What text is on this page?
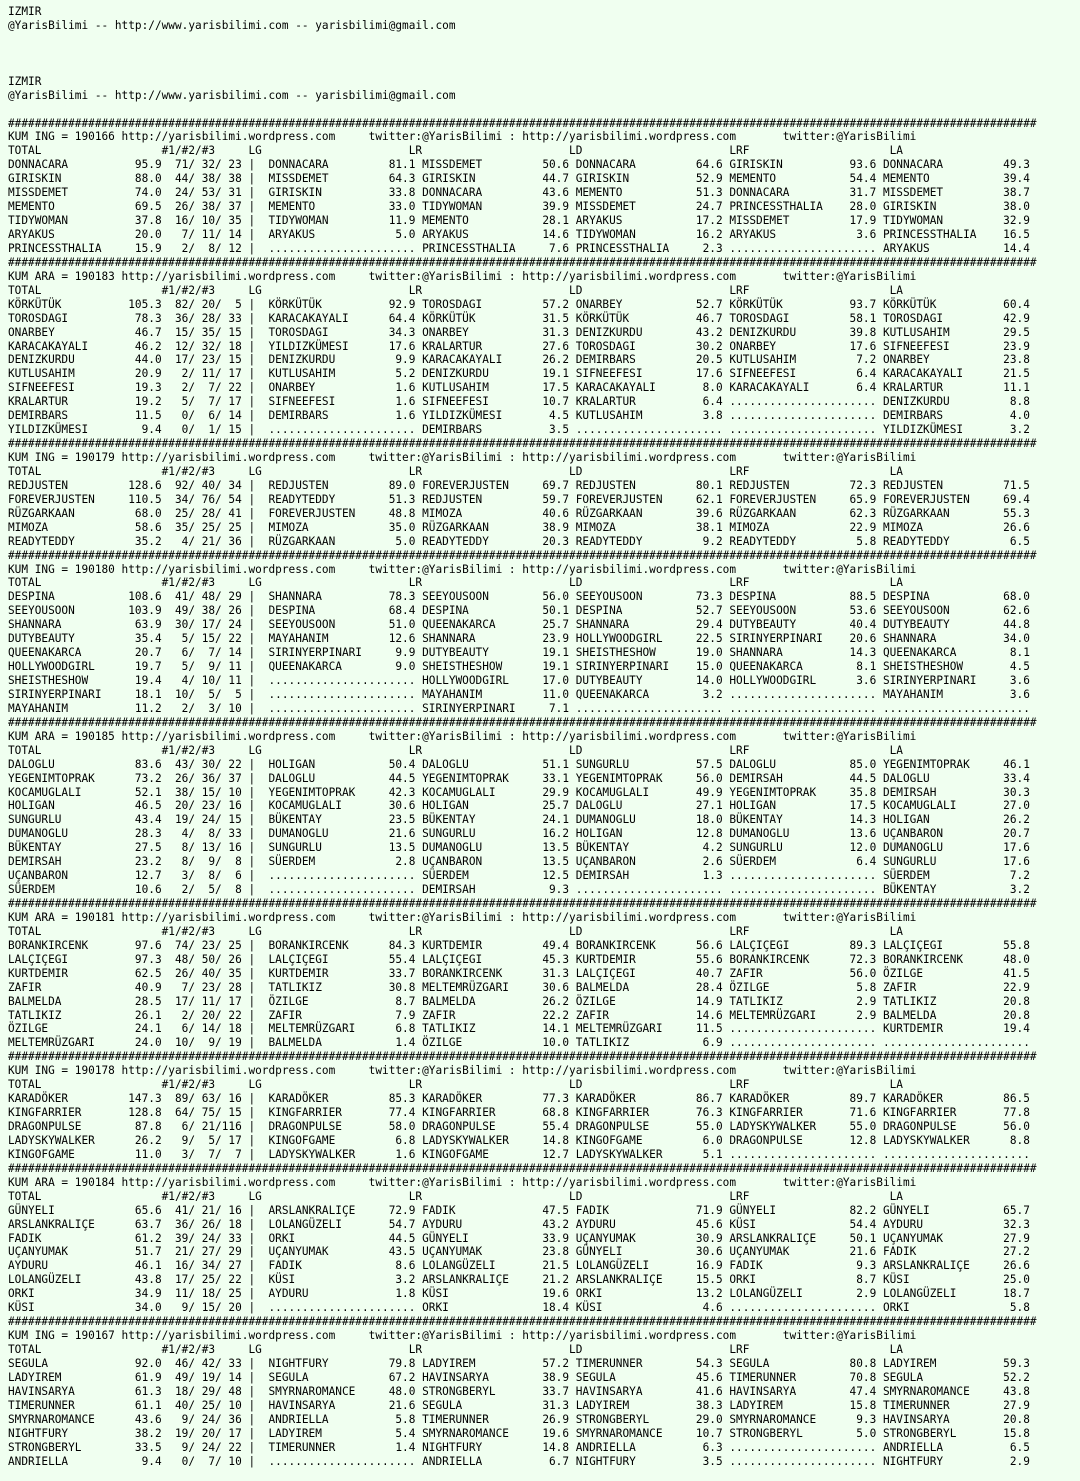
IZMIR
@YarisBilimi -- http://www.yarisbilimi.com -- yarisbilimi@gmail.com
IZMIR
@YarisBilimi -- http://www.yarisbilimi.com -- yarisbilimi@gmail.com
##########################################################################################################################################################
KUM ING = 190166 http://yarisbilimi.wordpress.com     twitter:@YarisBilimi : http://yarisbilimi.wordpress.com       twitter:@YarisBilimi
TOTAL                  #1/#2/#3     LG                      LR                      LD                      LRF                     LA
DONNACARA          95.9  71/ 32/ 23 |  DONNACARA         81.1 MISSDEMET         50.6 DONNACARA         64.6 GIRISKIN          93.6 DONNACARA         49.3
GIRISKIN           88.0  44/ 38/ 38 |  MISSDEMET         64.3 GIRISKIN          44.7 GIRISKIN          52.9 MEMENTO           54.4 MEMENTO           39.4
MISSDEMET          74.0  24/ 53/ 31 |  GIRISKIN          33.8 DONNACARA         43.6 MEMENTO           51.3 DONNACARA         31.7 MISSDEMET         38.7
MEMENTO            69.5  26/ 38/ 37 |  MEMENTO           33.0 TIDYWOMAN         39.9 MISSDEMET         24.7 PRINCESSTHALIA    28.0 GIRISKIN          38.0
TIDYWOMAN          37.8  16/ 10/ 35 |  TIDYWOMAN         11.9 MEMENTO           28.1 ARYAKUS           17.2 MISSDEMET         17.9 TIDYWOMAN         32.9
ARYAKUS            20.0   7/ 11/ 14 |  ARYAKUS            5.0 ARYAKUS           14.6 TIDYWOMAN         16.2 ARYAKUS            3.6 PRINCESSTHALIA    16.5
PRINCESSTHALIA     15.9   2/  8/ 12 |  ...................... PRINCESSTHALIA     7.6 PRINCESSTHALIA     2.3 ...................... ARYAKUS           14.4
##########################################################################################################################################################
KUM ARA = 190183 http://yarisbilimi.wordpress.com     twitter:@YarisBilimi : http://yarisbilimi.wordpress.com       twitter:@YarisBilimi
TOTAL                  #1/#2/#3     LG                      LR                      LD                      LRF                     LA
KÖRKÜTÜK          105.3  82/ 20/  5 |  KÖRKÜTÜK          92.9 TOROSDAGI         57.2 ONARBEY           52.7 KÖRKÜTÜK          93.7 KÖRKÜTÜK          60.4
TOROSDAGI          78.3  36/ 28/ 33 |  KARACAKAYALI      64.4 KÖRKÜTÜK          31.5 KÖRKÜTÜK          46.7 TOROSDAGI         58.1 TOROSDAGI         42.9
ONARBEY            46.7  15/ 35/ 15 |  TOROSDAGI         34.3 ONARBEY           31.3 DENIZKURDU        43.2 DENIZKURDU        39.8 KUTLUSAHIM        29.5
KARACAKAYALI       46.2  12/ 32/ 18 |  YILDIZKÜMESI      17.6 KRALARTUR         27.6 TOROSDAGI         30.2 ONARBEY           17.6 SIFNEEFESI        23.9
DENIZKURDU         44.0  17/ 23/ 15 |  DENIZKURDU         9.9 KARACAKAYALI      26.2 DEMIRBARS         20.5 KUTLUSAHIM         7.2 ONARBEY           23.8
KUTLUSAHIM         20.9   2/ 11/ 17 |  KUTLUSAHIM         5.2 DENIZKURDU        19.1 SIFNEEFESI        17.6 SIFNEEFESI         6.4 KARACAKAYALI      21.5
SIFNEEFESI         19.3   2/  7/ 22 |  ONARBEY            1.6 KUTLUSAHIM        17.5 KARACAKAYALI       8.0 KARACAKAYALI       6.4 KRALARTUR         11.1
KRALARTUR          19.2   5/  7/ 17 |  SIFNEEFESI         1.6 SIFNEEFESI        10.7 KRALARTUR          6.4 ...................... DENIZKURDU         8.8
DEMIRBARS          11.5   0/  6/ 14 |  DEMIRBARS          1.6 YILDIZKÜMESI       4.5 KUTLUSAHIM         3.8 ...................... DEMIRBARS          4.0
YILDIZKÜMESI        9.4   0/  1/ 15 |  ...................... DEMIRBARS          3.5 ...................... ...................... YILDIZKÜMESI       3.2
##########################################################################################################################################################
KUM ING = 190179 http://yarisbilimi.wordpress.com     twitter:@YarisBilimi : http://yarisbilimi.wordpress.com       twitter:@YarisBilimi
TOTAL                  #1/#2/#3     LG                      LR                      LD                      LRF                     LA
REDJUSTEN         128.6  92/ 40/ 34 |  REDJUSTEN         89.0 FOREVERJUSTEN     69.7 REDJUSTEN         80.1 REDJUSTEN         72.3 REDJUSTEN         71.5
FOREVERJUSTEN     110.5  34/ 76/ 54 |  READYTEDDY        51.3 REDJUSTEN         59.7 FOREVERJUSTEN     62.1 FOREVERJUSTEN     65.9 FOREVERJUSTEN     69.4
RÜZGARKAAN         68.0  25/ 28/ 41 |  FOREVERJUSTEN     48.8 MIMOZA            40.6 RÜZGARKAAN        39.6 RÜZGARKAAN        62.3 RÜZGARKAAN        55.3
MIMOZA             58.6  35/ 25/ 25 |  MIMOZA            35.0 RÜZGARKAAN        38.9 MIMOZA            38.1 MIMOZA            22.9 MIMOZA            26.6
READYTEDDY         35.2   4/ 21/ 36 |  RÜZGARKAAN         5.0 READYTEDDY        20.3 READYTEDDY         9.2 READYTEDDY         5.8 READYTEDDY         6.5
##########################################################################################################################################################
KUM ING = 190180 http://yarisbilimi.wordpress.com     twitter:@YarisBilimi : http://yarisbilimi.wordpress.com       twitter:@YarisBilimi
TOTAL                  #1/#2/#3     LG                      LR                      LD                      LRF                     LA
DESPINA           108.6  41/ 48/ 29 |  SHANNARA          78.3 SEEYOUSOON        56.0 SEEYOUSOON        73.3 DESPINA           88.5 DESPINA           68.0
SEEYOUSOON        103.9  49/ 38/ 26 |  DESPINA           68.4 DESPINA           50.1 DESPINA           52.7 SEEYOUSOON        53.6 SEEYOUSOON        62.6
SHANNARA           63.9  30/ 17/ 24 |  SEEYOUSOON        51.0 QUEENAKARCA       25.7 SHANNARA          29.4 DUTYBEAUTY        40.4 DUTYBEAUTY        44.8
DUTYBEAUTY         35.4   5/ 15/ 22 |  MAYAHANIM         12.6 SHANNARA          23.9 HOLLYWOODGIRL     22.5 SIRINYERPINARI    20.6 SHANNARA          34.0
QUEENAKARCA        20.7   6/  7/ 14 |  SIRINYERPINARI     9.9 DUTYBEAUTY        19.1 SHEISTHESHOW      19.0 SHANNARA          14.3 QUEENAKARCA        8.1
HOLLYWOODGIRL      19.7   5/  9/ 11 |  QUEENAKARCA        9.0 SHEISTHESHOW      19.1 SIRINYERPINARI    15.0 QUEENAKARCA        8.1 SHEISTHESHOW       4.5
SHEISTHESHOW       19.4   4/ 10/ 11 |  ...................... HOLLYWOODGIRL     17.0 DUTYBEAUTY        14.0 HOLLYWOODGIRL      3.6 SIRINYERPINARI     3.6
SIRINYERPINARI     18.1  10/  5/  5 |  ...................... MAYAHANIM         11.0 QUEENAKARCA        3.2 ...................... MAYAHANIM          3.6
MAYAHANIM          11.2   2/  3/ 10 |  ...................... SIRINYERPINARI     7.1 ...................... ...................... ......................
##########################################################################################################################################################
KUM ARA = 190185 http://yarisbilimi.wordpress.com     twitter:@YarisBilimi : http://yarisbilimi.wordpress.com       twitter:@YarisBilimi
TOTAL                  #1/#2/#3     LG                      LR                      LD                      LRF                     LA
DALOGLU            83.6  43/ 30/ 22 |  HOLIGAN           50.4 DALOGLU           51.1 SUNGURLU          57.5 DALOGLU           85.0 YEGENIMTOPRAK     46.1
YEGENIMTOPRAK      73.2  26/ 36/ 37 |  DALOGLU           44.5 YEGENIMTOPRAK     33.1 YEGENIMTOPRAK     56.0 DEMIRSAH          44.5 DALOGLU           33.4
KOCAMUGLALI        52.1  38/ 15/ 10 |  YEGENIMTOPRAK     42.3 KOCAMUGLALI       29.9 KOCAMUGLALI       49.9 YEGENIMTOPRAK     35.8 DEMIRSAH          30.3
HOLIGAN            46.5  20/ 23/ 16 |  KOCAMUGLALI       30.6 HOLIGAN           25.7 DALOGLU           27.1 HOLIGAN           17.5 KOCAMUGLALI       27.0
SUNGURLU           43.4  19/ 24/ 15 |  BÜKENTAY          23.5 BÜKENTAY          24.1 DUMANOGLU         18.0 BÜKENTAY          14.3 HOLIGAN           26.2
DUMANOGLU          28.3   4/  8/ 33 |  DUMANOGLU         21.6 SUNGURLU          16.2 HOLIGAN           12.8 DUMANOGLU         13.6 UÇANBARON         20.7
BÜKENTAY           27.5   8/ 13/ 16 |  SUNGURLU          13.5 DUMANOGLU         13.5 BÜKENTAY           4.2 SUNGURLU          12.0 DUMANOGLU         17.6
DEMIRSAH           23.2   8/  9/  8 |  SÜERDEM            2.8 UÇANBARON         13.5 UÇANBARON          2.6 SÜERDEM            6.4 SUNGURLU          17.6
UÇANBARON          12.7   3/  8/  6 |  ...................... SÜERDEM           12.5 DEMIRSAH           1.3 ...................... SÜERDEM            7.2
SÜERDEM            10.6   2/  5/  8 |  ...................... DEMIRSAH           9.3 ...................... ...................... BÜKENTAY           3.2
##########################################################################################################################################################
KUM ARA = 190181 http://yarisbilimi.wordpress.com     twitter:@YarisBilimi : http://yarisbilimi.wordpress.com       twitter:@YarisBilimi
TOTAL                  #1/#2/#3     LG                      LR                      LD                      LRF                     LA
BORANKIRCENK       97.6  74/ 23/ 25 |  BORANKIRCENK      84.3 KURTDEMIR         49.4 BORANKIRCENK      56.6 LALÇIÇEGI         89.3 LALÇIÇEGI         55.8
LALÇIÇEGI          97.3  48/ 50/ 26 |  LALÇIÇEGI         55.4 LALÇIÇEGI         45.3 KURTDEMIR         55.6 BORANKIRCENK      72.3 BORANKIRCENK      48.0
KURTDEMIR          62.5  26/ 40/ 35 |  KURTDEMIR         33.7 BORANKIRCENK      31.3 LALÇIÇEGI         40.7 ZAFIR             56.0 ÖZILGE            41.5
ZAFIR              40.9   7/ 23/ 28 |  TATLIKIZ          30.8 MELTEMRÜZGARI     30.6 BALMELDA          28.4 ÖZILGE             5.8 ZAFIR             22.9
BALMELDA           28.5  17/ 11/ 17 |  ÖZILGE             8.7 BALMELDA          26.2 ÖZILGE            14.9 TATLIKIZ           2.9 TATLIKIZ          20.8
TATLIKIZ           26.1   2/ 20/ 22 |  ZAFIR              7.9 ZAFIR             22.2 ZAFIR             14.6 MELTEMRÜZGARI      2.9 BALMELDA          20.8
ÖZILGE             24.1   6/ 14/ 18 |  MELTEMRÜZGARI      6.8 TATLIKIZ          14.1 MELTEMRÜZGARI     11.5 ...................... KURTDEMIR         19.4
MELTEMRÜZGARI      24.0  10/  9/ 19 |  BALMELDA           1.4 ÖZILGE            10.0 TATLIKIZ           6.9 ...................... ......................
##########################################################################################################################################################
KUM ING = 190178 http://yarisbilimi.wordpress.com     twitter:@YarisBilimi : http://yarisbilimi.wordpress.com       twitter:@YarisBilimi
TOTAL                  #1/#2/#3     LG                      LR                      LD                      LRF                     LA
KARADÖKER         147.3  89/ 63/ 16 |  KARADÖKER         85.3 KARADÖKER         77.3 KARADÖKER         86.7 KARADÖKER         89.7 KARADÖKER         86.5
KINGFARRIER       128.8  64/ 75/ 15 |  KINGFARRIER       77.4 KINGFARRIER       68.8 KINGFARRIER       76.3 KINGFARRIER       71.6 KINGFARRIER       77.8
DRAGONPULSE        87.8   6/ 21/116 |  DRAGONPULSE       58.0 DRAGONPULSE       55.4 DRAGONPULSE       55.0 LADYSKYWALKER     55.0 DRAGONPULSE       56.0
LADYSKYWALKER      26.2   9/  5/ 17 |  KINGOFGAME         6.8 LADYSKYWALKER     14.8 KINGOFGAME         6.0 DRAGONPULSE       12.8 LADYSKYWALKER      8.8
KINGOFGAME         11.0   3/  7/  7 |  LADYSKYWALKER      1.6 KINGOFGAME        12.7 LADYSKYWALKER      5.1 ...................... ......................
##########################################################################################################################################################
KUM ARA = 190184 http://yarisbilimi.wordpress.com     twitter:@YarisBilimi : http://yarisbilimi.wordpress.com       twitter:@YarisBilimi
TOTAL                  #1/#2/#3     LG                      LR                      LD                      LRF                     LA
GÜNYELI            65.6  41/ 21/ 16 |  ARSLANKRALIÇE     72.9 FADIK             47.5 FADIK             71.9 GÜNYELI           82.2 GÜNYELI           65.7
ARSLANKRALIÇE      63.7  36/ 26/ 18 |  LOLANGÜZELI       54.7 AYDURU            43.2 AYDURU            45.6 KÜSI              54.4 AYDURU            32.3
FADIK              61.2  39/ 24/ 33 |  ORKI              44.5 GÜNYELI           33.9 UÇANYUMAK         30.9 ARSLANKRALIÇE     50.1 UÇANYUMAK         27.9
UÇANYUMAK          51.7  21/ 27/ 29 |  UÇANYUMAK         43.5 UÇANYUMAK         23.8 GÜNYELI           30.6 UÇANYUMAK         21.6 FADIK             27.2
AYDURU             46.1  16/ 34/ 27 |  FADIK              8.6 LOLANGÜZELI       21.5 LOLANGÜZELI       16.9 FADIK              9.3 ARSLANKRALIÇE     26.6
LOLANGÜZELI        43.8  17/ 25/ 22 |  KÜSI               3.2 ARSLANKRALIÇE     21.2 ARSLANKRALIÇE     15.5 ORKI               8.7 KÜSI              25.0
ORKI               34.9  11/ 18/ 25 |  AYDURU             1.8 KÜSI              19.6 ORKI              13.2 LOLANGÜZELI        2.9 LOLANGÜZELI       18.7
KÜSI               34.0   9/ 15/ 20 |  ...................... ORKI              18.4 KÜSI               4.6 ...................... ORKI               5.8
##########################################################################################################################################################
KUM ING = 190167 http://yarisbilimi.wordpress.com     twitter:@YarisBilimi : http://yarisbilimi.wordpress.com       twitter:@YarisBilimi
TOTAL                  #1/#2/#3     LG                      LR                      LD                      LRF                     LA
SEGULA             92.0  46/ 42/ 33 |  NIGHTFURY         79.8 LADYIREM          57.2 TIMERUNNER        54.3 SEGULA            80.8 LADYIREM          59.3
LADYIREM           61.9  49/ 19/ 14 |  SEGULA            67.2 HAVINSARYA        38.9 SEGULA            45.6 TIMERUNNER        70.8 SEGULA            52.2
HAVINSARYA         61.3  18/ 29/ 48 |  SMYRNAROMANCE     48.0 STRONGBERYL       33.7 HAVINSARYA        41.6 HAVINSARYA        47.4 SMYRNAROMANCE     43.8
TIMERUNNER         61.1  40/ 25/ 10 |  HAVINSARYA        21.6 SEGULA            31.3 LADYIREM          38.3 LADYIREM          15.8 TIMERUNNER        27.9
SMYRNAROMANCE      43.6   9/ 24/ 36 |  ANDRIELLA          5.8 TIMERUNNER        26.9 STRONGBERYL       29.0 SMYRNAROMANCE      9.3 HAVINSARYA        20.8
NIGHTFURY          38.2  19/ 20/ 17 |  LADYIREM           5.4 SMYRNAROMANCE     19.6 SMYRNAROMANCE     10.7 STRONGBERYL        5.0 STRONGBERYL       15.8
STRONGBERYL        33.5   9/ 24/ 22 |  TIMERUNNER         1.4 NIGHTFURY         14.8 ANDRIELLA          6.3 ...................... ANDRIELLA          6.5
ANDRIELLA           9.4   0/  7/ 10 |  ...................... ANDRIELLA          6.7 NIGHTFURY          3.5 ...................... NIGHTFURY          2.9
